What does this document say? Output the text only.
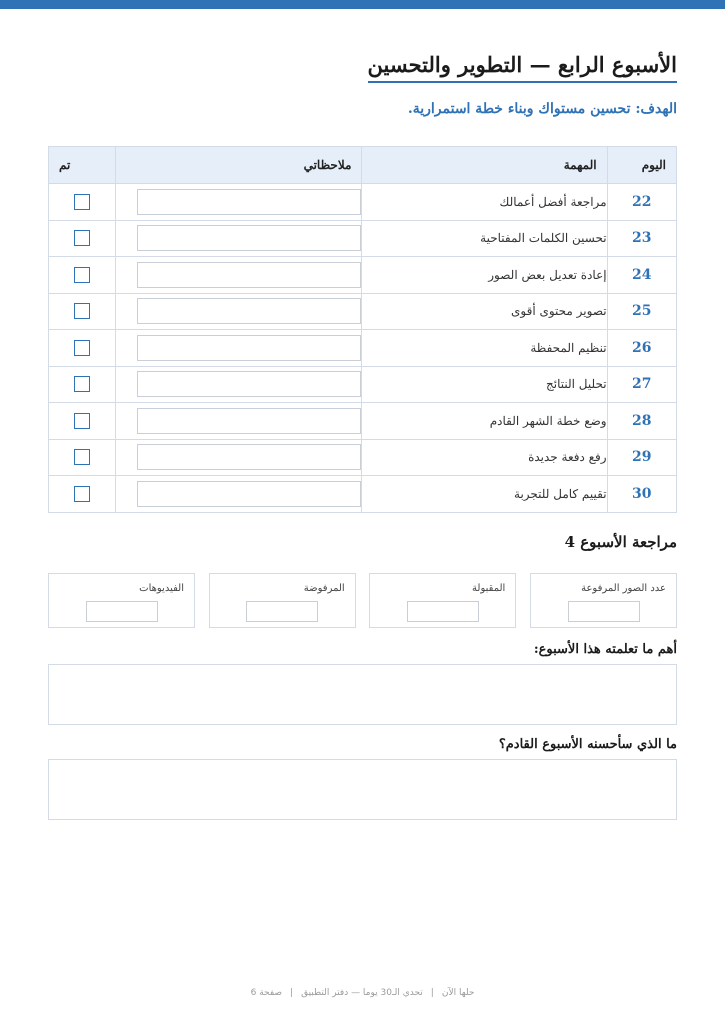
الأسبوع الرابع — التطوير والتحسين
الهدف: تحسين مستواك وبناء خطة استمرارية.
اليوم	المهمة	ملاحظاتي	تم
22	مراجعة أفضل أعمالك	

23	تحسين الكلمات المفتاحية	

24	إعادة تعديل بعض الصور	

25	تصوير محتوى أقوى	

26	تنظيم المحفظة	

27	تحليل النتائج	

28	وضع خطة الشهر القادم	

29	رفع دفعة جديدة	

30	تقييم كامل للتجربة	

مراجعة الأسبوع 4
عدد الصور المرفوعة
المقبولة
المرفوضة
الفيديوهات
أهم ما تعلمته هذا الأسبوع:
ما الذي سأحسنه الأسبوع القادم؟
حلها الآن|تحدي الـ30 يوما — دفتر التطبيق|صفحة 6
